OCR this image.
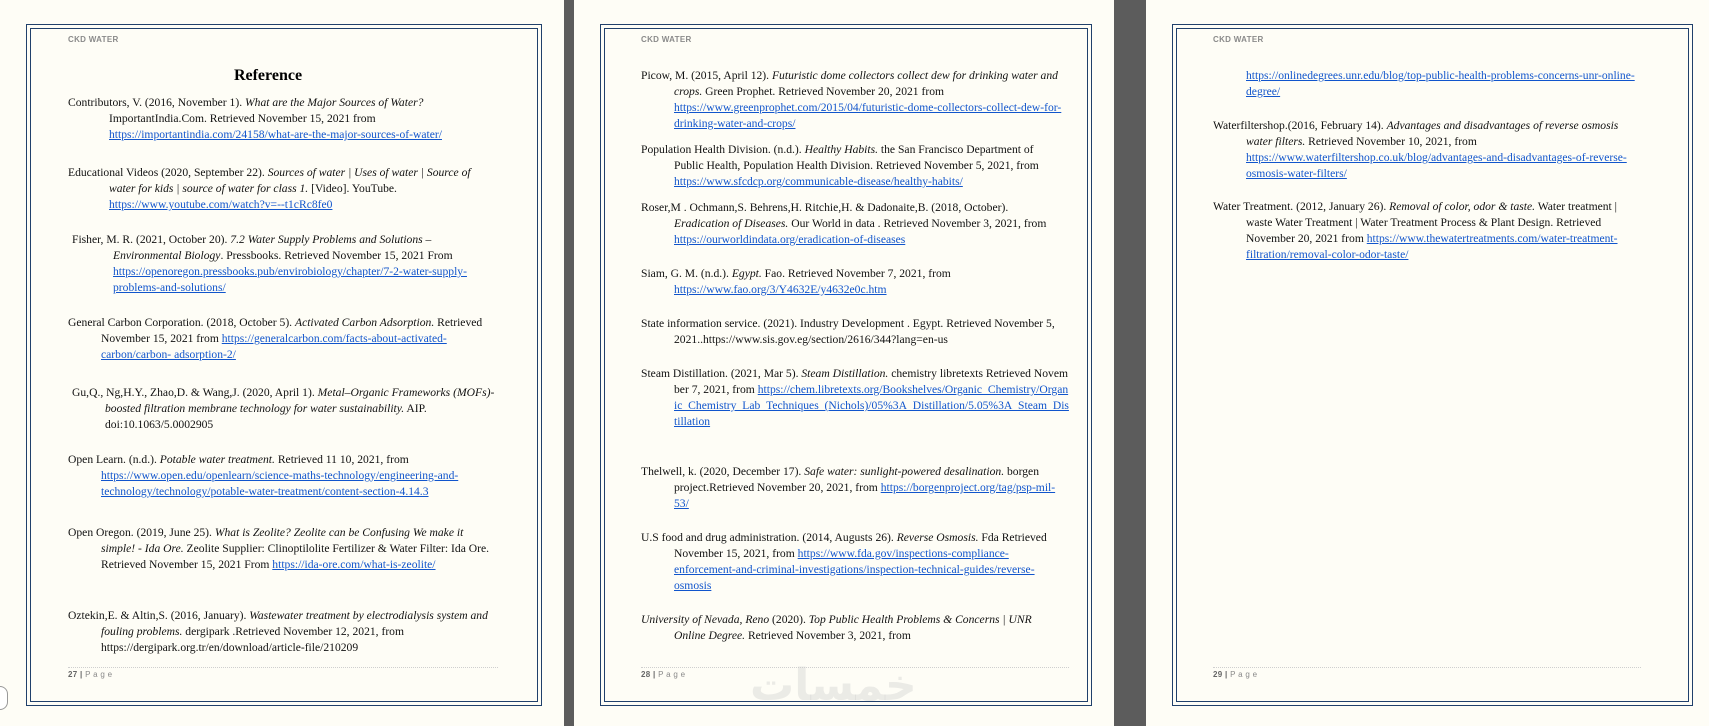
CKD WATER
Reference
Contributors, V. (2016, November 1). What are the Major Sources of Water? ImportantIndia.Com. Retrieved November 15, 2021 from https://importantindia.com/24158/what-are-the-major-sources-of-water/
Educational Videos (2020, September 22). Sources of water | Uses of water | Source of water for kids | source of water for class 1. [Video]. YouTube. https://www.youtube.com/watch?v=--t1cRc8fe0
Fisher, M. R. (2021, October 20). 7.2 Water Supply Problems and Solutions – Environmental Biology. Pressbooks. Retrieved November 15, 2021 From https://openoregon.pressbooks.pub/envirobiology/chapter/7-2-water-supply-problems-and-solutions/
General Carbon Corporation. (2018, October 5). Activated Carbon Adsorption. Retrieved November 15, 2021 from https://generalcarbon.com/facts-about-activated-carbon/carbon- adsorption-2/
Gu,Q., Ng,H.Y., Zhao,D. & Wang,J. (2020, April 1). Metal–Organic Frameworks (MOFs)-boosted filtration membrane technology for water sustainability. AIP. doi:10.1063/5.0002905
Open Learn. (n.d.). Potable water treatment. Retrieved 11 10, 2021, from https://www.open.edu/openlearn/science-maths-technology/engineering-and-technology/technology/potable-water-treatment/content-section-4.14.3
Open Oregon. (2019, June 25). What is Zeolite? Zeolite can be Confusing We make it simple! - Ida Ore. Zeolite Supplier: Clinoptilolite Fertilizer & Water Filter: Ida Ore. Retrieved November 15, 2021 From https://ida-ore.com/what-is-zeolite/
Oztekin,E. & Altin,S. (2016, January). Wastewater treatment by electrodialysis system and fouling problems. dergipark .Retrieved November 12, 2021, from https://dergipark.org.tr/en/download/article-file/210209
27 | P a g e
CKD WATER
Picow, M. (2015, April 12). Futuristic dome collectors collect dew for drinking water and crops. Green Prophet. Retrieved November 20, 2021 from https://www.greenprophet.com/2015/04/futuristic-dome-collectors-collect-dew-for-drinking-water-and-crops/
Population Health Division. (n.d.). Healthy Habits. the San Francisco Department of Public Health, Population Health Division. Retrieved November 5, 2021, from https://www.sfcdcp.org/communicable-disease/healthy-habits/
Roser,M . Ochmann,S. Behrens,H. Ritchie,H. & Dadonaite,B. (2018, October). Eradication of Diseases. Our World in data . Retrieved November 3, 2021, from https://ourworldindata.org/eradication-of-diseases
Siam, G. M. (n.d.). Egypt. Fao. Retrieved November 7, 2021, from https://www.fao.org/3/Y4632E/y4632e0c.htm
State information service. (2021). Industry Development . Egypt. Retrieved November 5, 2021..https://www.sis.gov.eg/section/2616/344?lang=en-us
Steam Distillation. (2021, Mar 5). Steam Distillation. chemistry libretexts Retrieved November 7, 2021, from https://chem.libretexts.org/Bookshelves/Organic_Chemistry/Organic_Chemistry_Lab_Techniques_(Nichols)/05%3A_Distillation/5.05%3A_Steam_Distillation
Thelwell, k. (2020, December 17). Safe water: sunlight-powered desalination. borgen project.Retrieved November 20, 2021, from https://borgenproject.org/tag/psp-mil-53/
U.S food and drug administration. (2014, Augusts 26). Reverse Osmosis. Fda Retrieved November 15, 2021, from https://www.fda.gov/inspections-compliance-enforcement-and-criminal-investigations/inspection-technical-guides/reverse-osmosis
University of Nevada, Reno (2020). Top Public Health Problems & Concerns | UNR Online Degree. Retrieved November 3, 2021, from
28 | P a g e
CKD WATER
https://onlinedegrees.unr.edu/blog/top-public-health-problems-concerns-unr-online-degree/
Waterfiltershop.(2016, February 14). Advantages and disadvantages of reverse osmosis water filters. Retrieved November 10, 2021, from https://www.waterfiltershop.co.uk/blog/advantages-and-disadvantages-of-reverse-osmosis-water-filters/
Water Treatment. (2012, January 26). Removal of color, odor & taste. Water treatment | waste Water Treatment | Water Treatment Process & Plant Design. Retrieved November 20, 2021 from https://www.thewatertreatments.com/water-treatment-filtration/removal-color-odor-taste/
29 | P a g e
خمسات
